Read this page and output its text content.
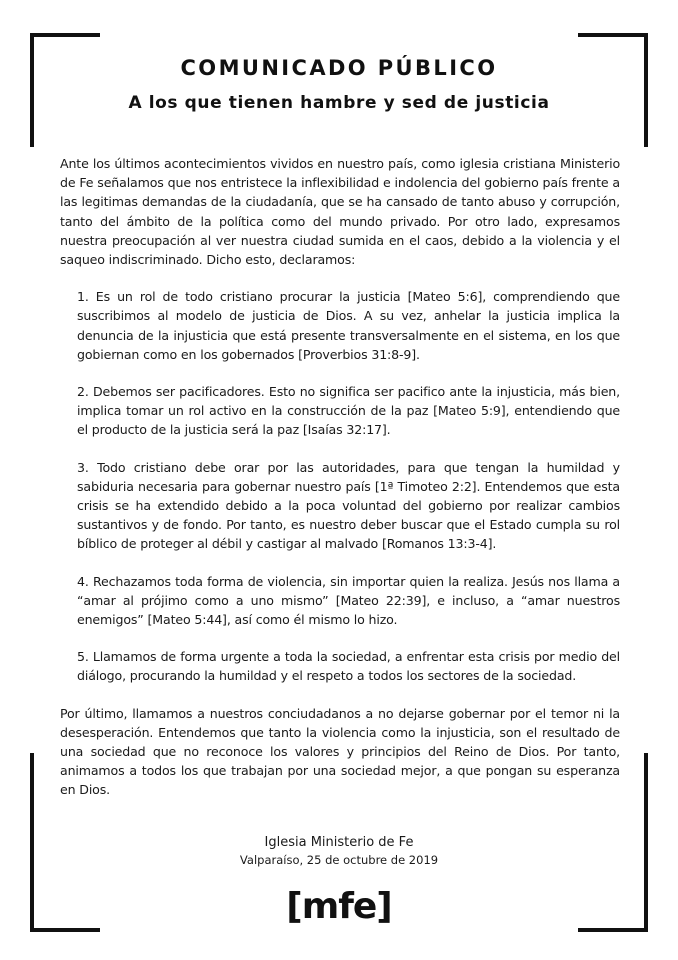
COMUNICADO PÚBLICO
A los que tienen hambre y sed de justicia

Ante los últimos acontecimientos vividos en nuestro país, como iglesia cristiana Ministerio de Fe señalamos que nos entristece la inflexibilidad e indolencia del gobierno país frente a las legitimas demandas de la ciudadanía, que se ha cansado de tanto abuso y corrupción, tanto del ámbito de la política como del mundo privado. Por otro lado, expresamos nuestra preocupación al ver nuestra ciudad sumida en el caos, debido a la violencia y el saqueo indiscriminado. Dicho esto, declaramos:

1. Es un rol de todo cristiano procurar la justicia [Mateo 5:6], comprendiendo que suscribimos al modelo de justicia de Dios. A su vez, anhelar la justicia implica la denuncia de la injusticia que está presente transversalmente en el sistema, en los que gobiernan como en los gobernados [Proverbios 31:8-9].

2. Debemos ser pacificadores. Esto no significa ser pacifico ante la injusticia, más bien, implica tomar un rol activo en la construcción de la paz [Mateo 5:9], entendiendo que el producto de la justicia será la paz [Isaías 32:17].

3. Todo cristiano debe orar por las autoridades, para que tengan la humildad y sabiduria necesaria para gobernar nuestro país [1ª Timoteo 2:2]. Entendemos que esta crisis se ha extendido debido a la poca voluntad del gobierno por realizar cambios sustantivos y de fondo. Por tanto, es nuestro deber buscar que el Estado cumpla su rol bíblico de proteger al débil y castigar al malvado [Romanos 13:3-4].

4. Rechazamos toda forma de violencia, sin importar quien la realiza. Jesús nos llama a “amar al prójimo como a uno mismo” [Mateo 22:39], e incluso, a “amar nuestros enemigos” [Mateo 5:44], así como él mismo lo hizo.

5. Llamamos de forma urgente a toda la sociedad, a enfrentar esta crisis por medio del diálogo, procurando la humildad y el respeto a todos los sectores de la sociedad.

Por último, llamamos a nuestros conciudadanos a no dejarse gobernar por el temor ni la desesperación. Entendemos que tanto la violencia como la injusticia, son el resultado de una sociedad que no reconoce los valores y principios del Reino de Dios. Por tanto, animamos a todos los que trabajan por una sociedad mejor, a que pongan su esperanza en Dios.

Iglesia Ministerio de Fe
Valparaíso, 25 de octubre de 2019
[mfe]
